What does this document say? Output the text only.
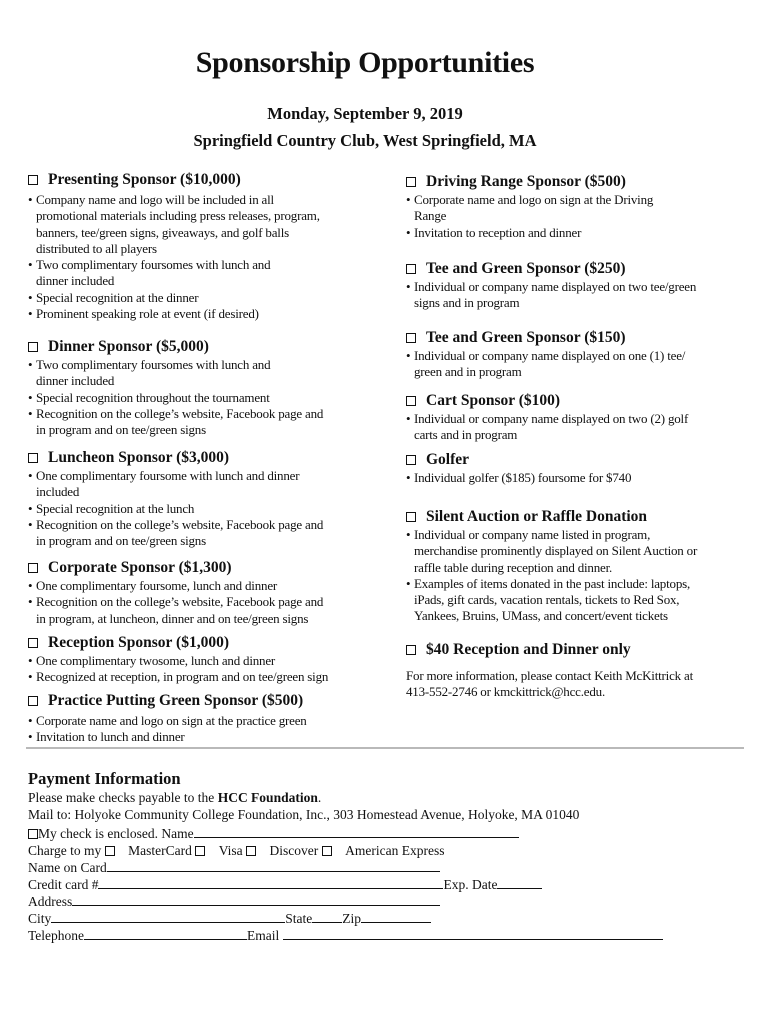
Sponsorship Opportunities
Monday, September 9, 2019
Springfield Country Club, West Springfield, MA
Presenting Sponsor ($10,000)
• Company name and logo will be included in all
promotional materials including press releases, program,
banners, tee/green signs, giveaways, and golf balls
distributed to all players
• Two complimentary foursomes with lunch and
dinner included
• Special recognition at the dinner
• Prominent speaking role at event (if desired)
Dinner Sponsor ($5,000)
• Two complimentary foursomes with lunch and
dinner included
• Special recognition throughout the tournament
• Recognition on the college’s website, Facebook page and
in program and on tee/green signs
Luncheon Sponsor ($3,000)
• One complimentary foursome with lunch and dinner
included
• Special recognition at the lunch
• Recognition on the college’s website, Facebook page and
in program and on tee/green signs
Corporate Sponsor ($1,300)
• One complimentary foursome, lunch and dinner
• Recognition on the college’s website, Facebook page and
in program, at luncheon, dinner and on tee/green signs
Reception Sponsor ($1,000)
• One complimentary twosome, lunch and dinner
• Recognized at reception, in program and on tee/green sign
Practice Putting Green Sponsor ($500)
• Corporate name and logo on sign at the practice green
• Invitation to lunch and dinner
Driving Range Sponsor ($500)
• Corporate name and logo on sign at the Driving
Range
• Invitation to reception and dinner
Tee and Green Sponsor ($250)
• Individual or company name displayed on two tee/green
signs and in program
Tee and Green Sponsor ($150)
• Individual or company name displayed on one (1) tee/
green and in program
Cart Sponsor ($100)
• Individual or company name displayed on two (2) golf
carts and in program
Golfer
• Individual golfer ($185) foursome for $740
Silent Auction or Raffle Donation
• Individual or company name listed in program,
merchandise prominently displayed on Silent Auction or
raffle table during reception and dinner.
• Examples of items donated in the past include: laptops,
iPads, gift cards, vacation rentals, tickets to Red Sox,
Yankees, Bruins, UMass, and concert/event tickets
$40 Reception and Dinner only
For more information, please contact Keith McKittrick at
413-552-2746 or kmckittrick@hcc.edu.
Payment Information
Please make checks payable to the HCC Foundation.
Mail to: Holyoke Community College Foundation, Inc., 303 Homestead Avenue, Holyoke, MA 01040
My check is enclosed. Name
Charge to my MasterCard Visa Discover American Express
Name on Card
Credit card #	Exp. Date
Address
City	State Zip
Telephone	Email
